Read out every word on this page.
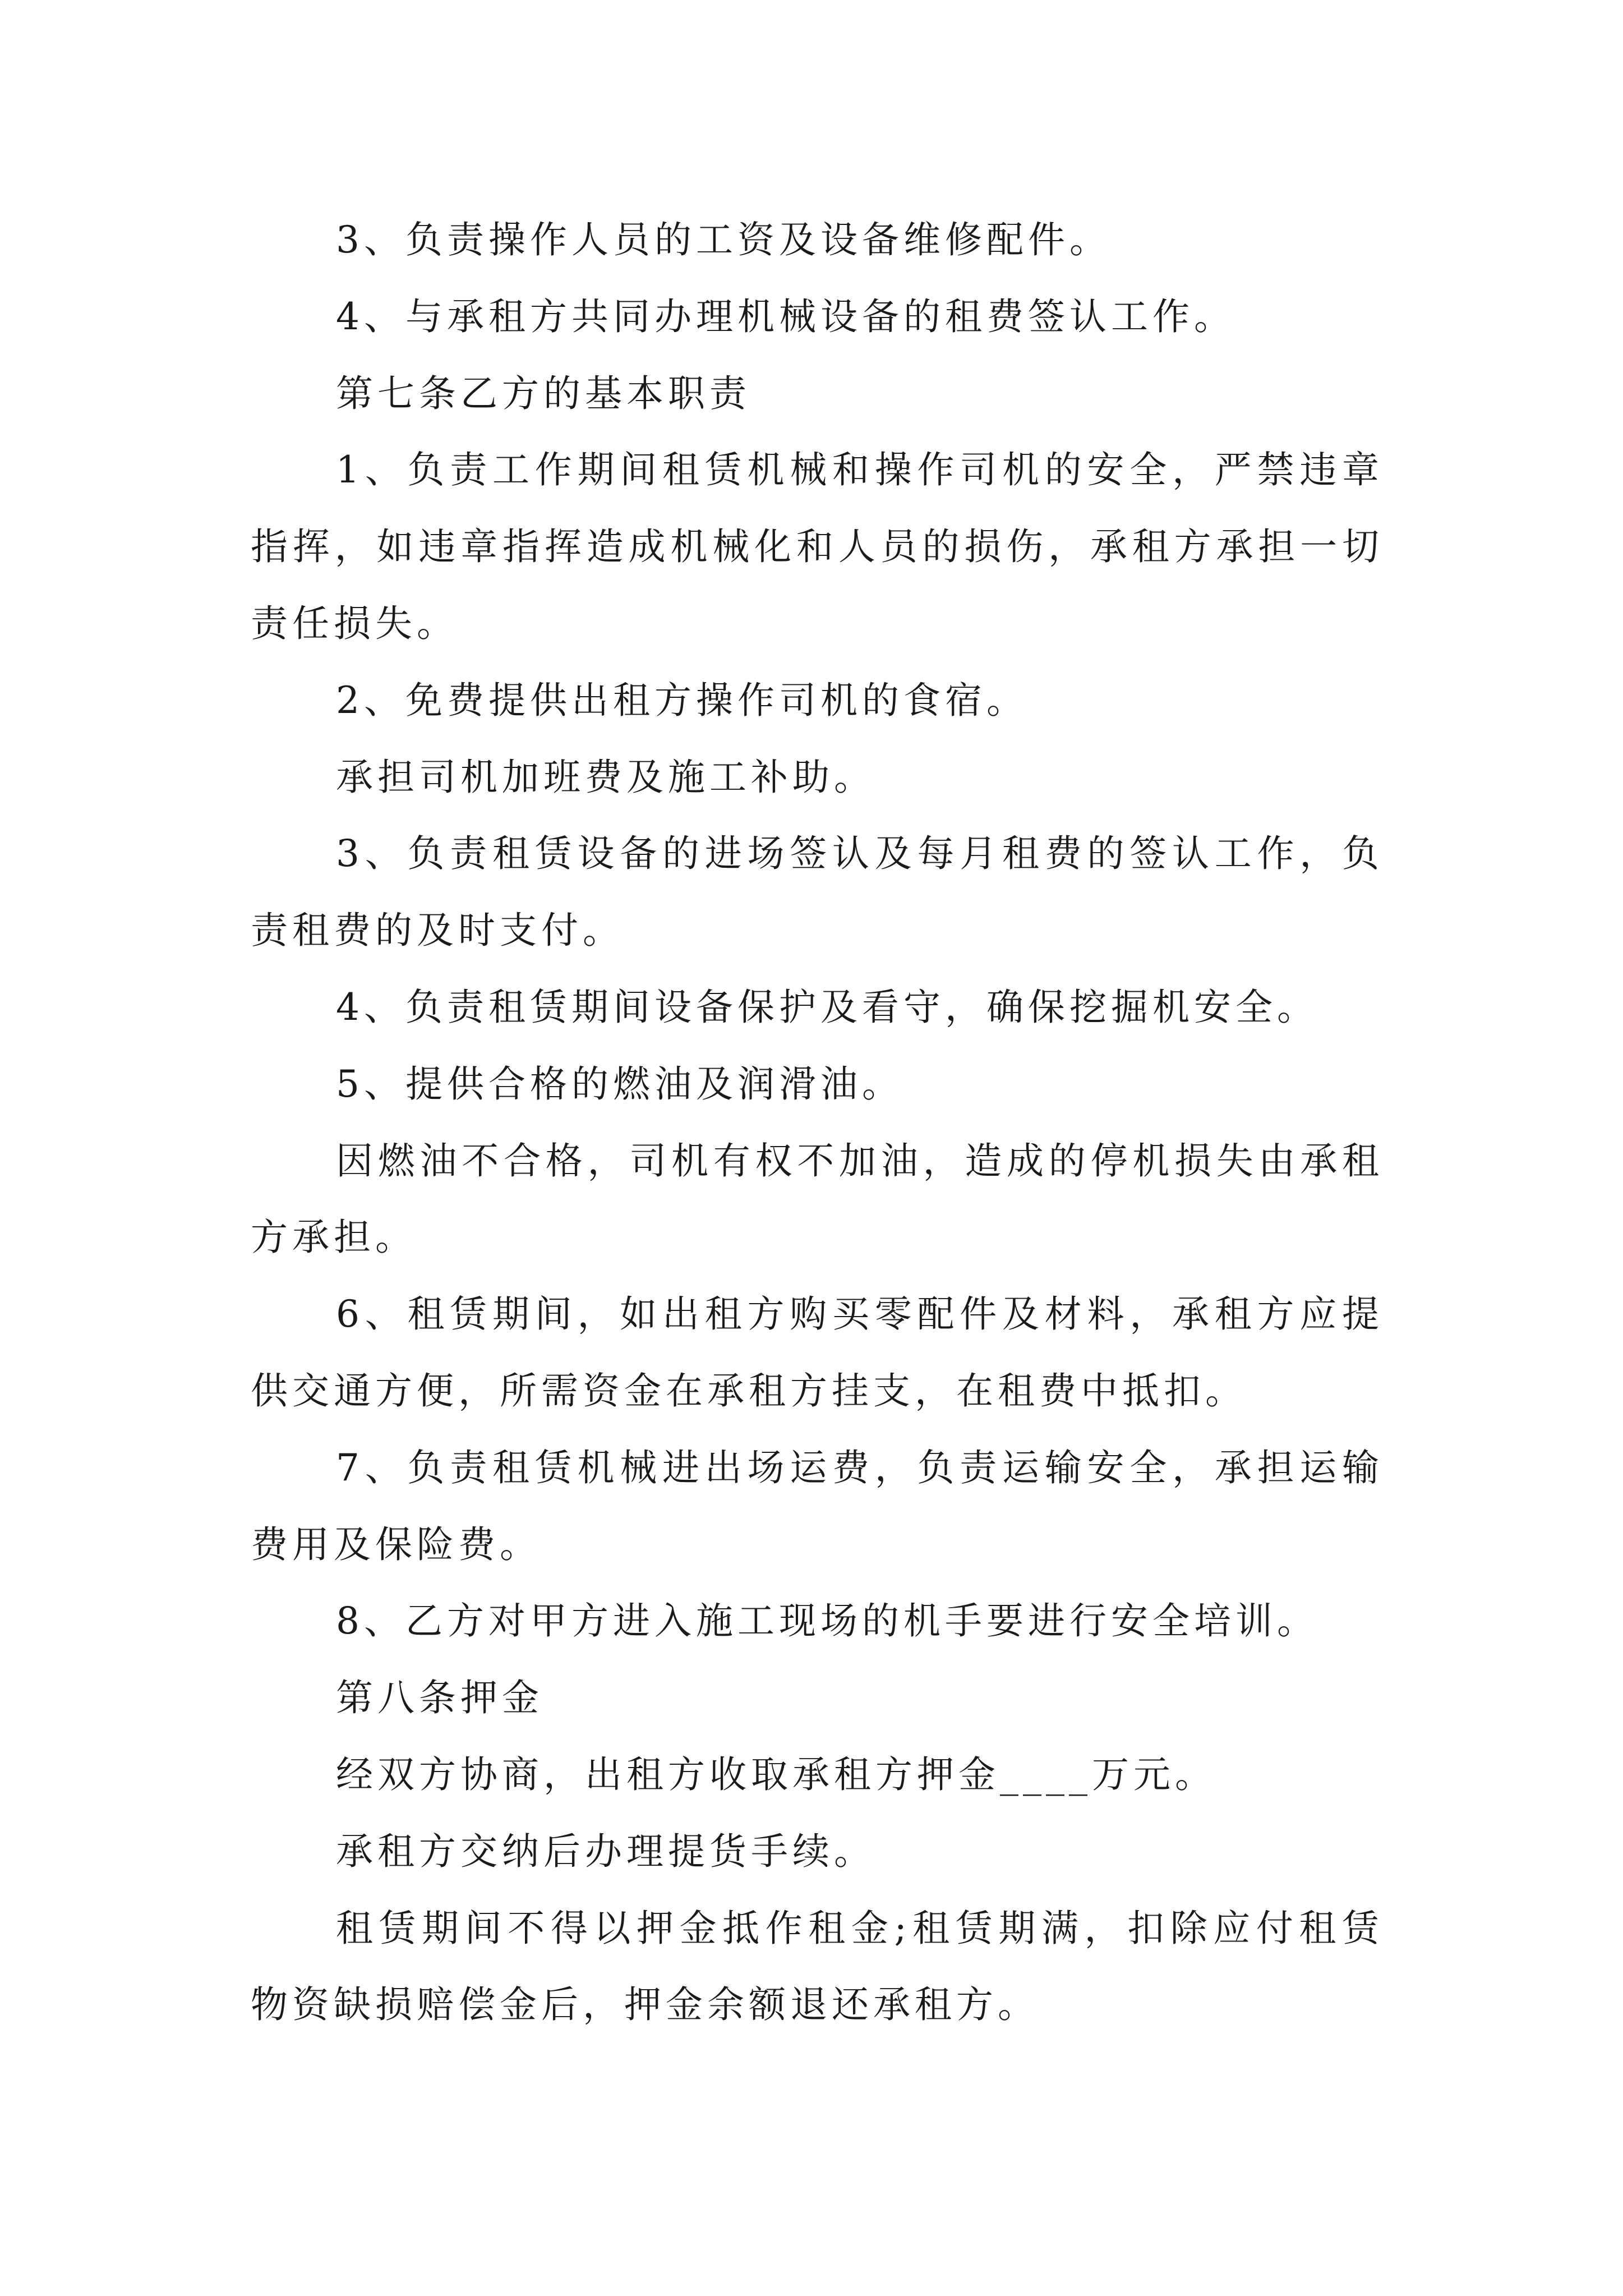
3、负责操作人员的工资及设备维修配件。

4、与承租方共同办理机械设备的租费签认工作。

第七条乙方的基本职责

1、负责工作期间租赁机械和操作司机的安全，严禁违章指挥，如违章指挥造成机械化和人员的损伤，承租方承担一切责任损失。

2、免费提供出租方操作司机的食宿。

承担司机加班费及施工补助。

3、负责租赁设备的进场签认及每月租费的签认工作，负责租费的及时支付。

4、负责租赁期间设备保护及看守，确保挖掘机安全。

5、提供合格的燃油及润滑油。

因燃油不合格，司机有权不加油，造成的停机损失由承租方承担。

6、租赁期间，如出租方购买零配件及材料，承租方应提供交通方便，所需资金在承租方挂支，在租费中抵扣。

7、负责租赁机械进出场运费，负责运输安全，承担运输费用及保险费。

8、乙方对甲方进入施工现场的机手要进行安全培训。

第八条押金

经双方协商，出租方收取承租方押金____万元。

承租方交纳后办理提货手续。

租赁期间不得以押金抵作租金;租赁期满，扣除应付租赁物资缺损赔偿金后，押金余额退还承租方。
